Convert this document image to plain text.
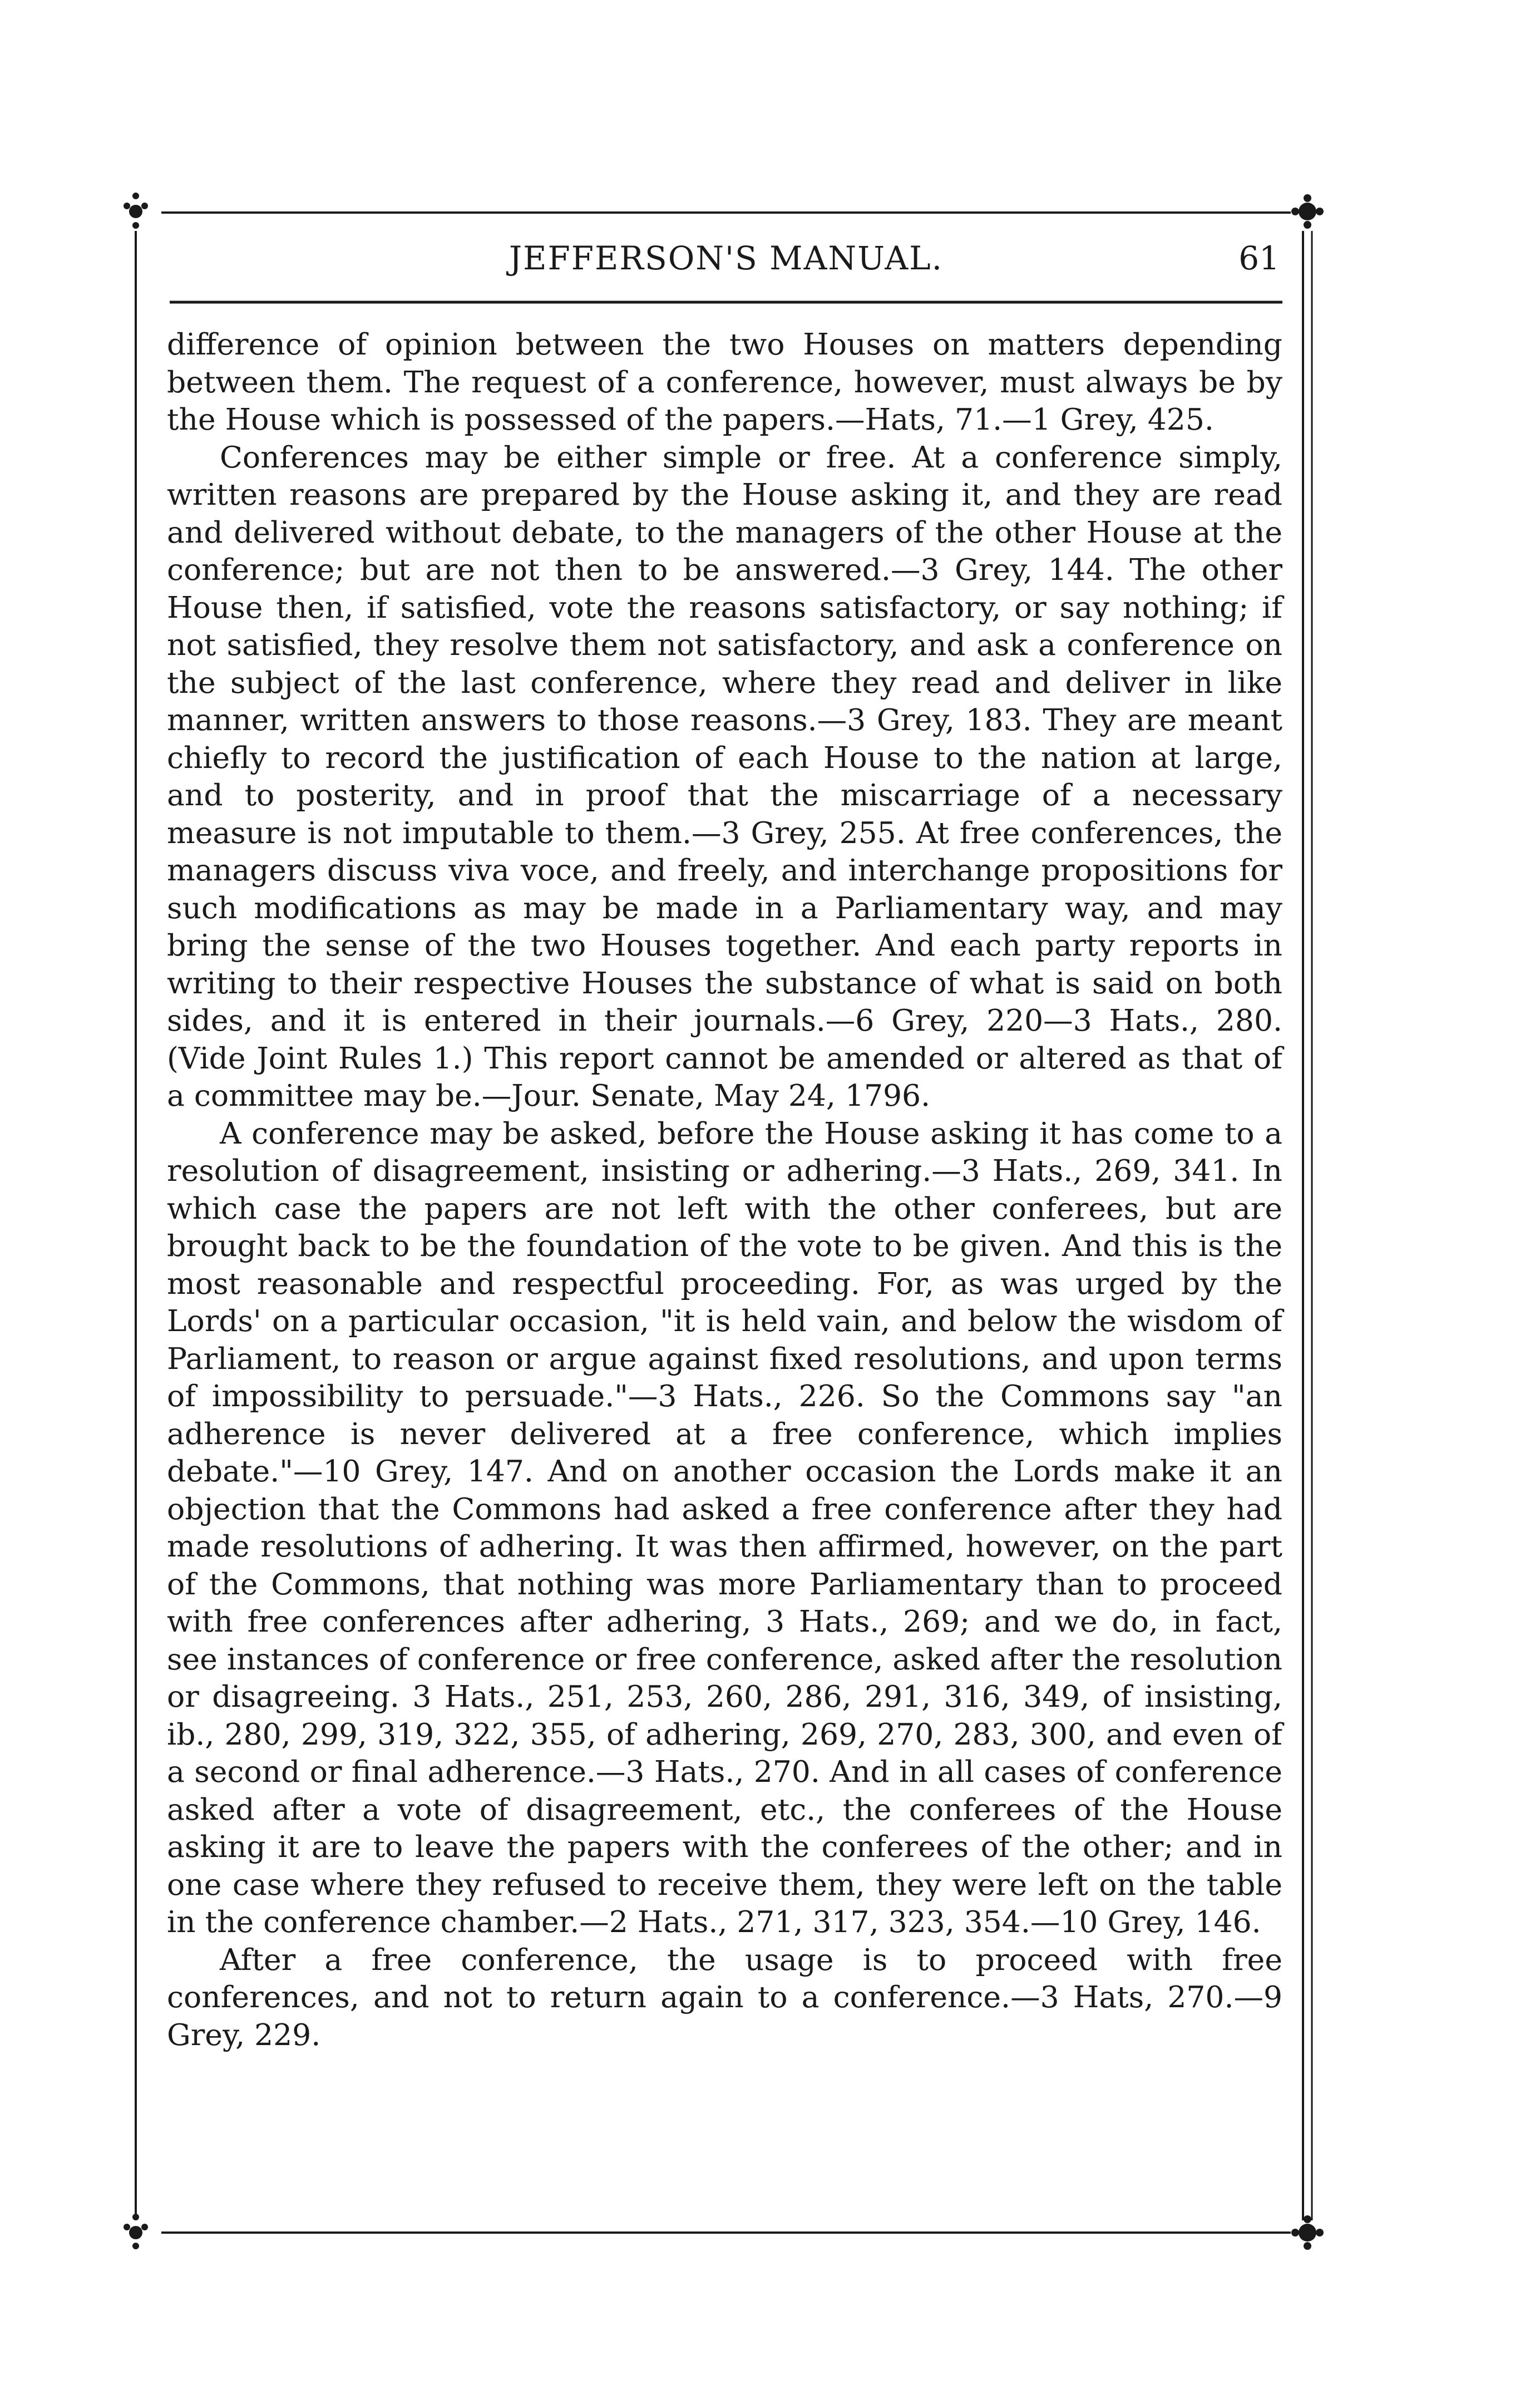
JEFFERSON'S MANUAL.	61

difference of opinion between the two Houses on matters depending between them. The request of a conference, however, must always be by the House which is possessed of the papers.—Hats, 71.—1 Grey, 425.

Conferences may be either simple or free. At a conference simply, written reasons are prepared by the House asking it, and they are read and delivered without debate, to the managers of the other House at the conference; but are not then to be answered.—3 Grey, 144. The other House then, if satisfied, vote the reasons satisfactory, or say nothing; if not satisfied, they resolve them not satisfactory, and ask a conference on the subject of the last conference, where they read and deliver in like manner, written answers to those reasons.—3 Grey, 183. They are meant chiefly to record the justification of each House to the nation at large, and to posterity, and in proof that the miscarriage of a necessary measure is not imputable to them.—3 Grey, 255. At free conferences, the managers discuss viva voce, and freely, and interchange propositions for such modifications as may be made in a Parliamentary way, and may bring the sense of the two Houses together. And each party reports in writing to their respective Houses the substance of what is said on both sides, and it is entered in their journals.—6 Grey, 220—3 Hats., 280. (Vide Joint Rules 1.) This report cannot be amended or altered as that of a committee may be.—Jour. Senate, May 24, 1796.

A conference may be asked, before the House asking it has come to a resolution of disagreement, insisting or adhering.—3 Hats., 269, 341. In which case the papers are not left with the other conferees, but are brought back to be the foundation of the vote to be given. And this is the most reasonable and respectful proceeding. For, as was urged by the Lords' on a particular occasion, "it is held vain, and below the wisdom of Parliament, to reason or argue against fixed resolutions, and upon terms of impossibility to persuade."—3 Hats., 226. So the Commons say "an adherence is never delivered at a free conference, which implies debate."—10 Grey, 147. And on another occasion the Lords make it an objection that the Commons had asked a free conference after they had made resolutions of adhering. It was then affirmed, however, on the part of the Commons, that nothing was more Parliamentary than to proceed with free conferences after adhering, 3 Hats., 269; and we do, in fact, see instances of conference or free conference, asked after the resolution or disagreeing. 3 Hats., 251, 253, 260, 286, 291, 316, 349, of insisting, ib., 280, 299, 319, 322, 355, of adhering, 269, 270, 283, 300, and even of a second or final adherence.—3 Hats., 270. And in all cases of conference asked after a vote of disagreement, etc., the conferees of the House asking it are to leave the papers with the conferees of the other; and in one case where they refused to receive them, they were left on the table in the conference chamber.—2 Hats., 271, 317, 323, 354.—10 Grey, 146.

After a free conference, the usage is to proceed with free conferences, and not to return again to a conference.—3 Hats, 270.—9 Grey, 229.
